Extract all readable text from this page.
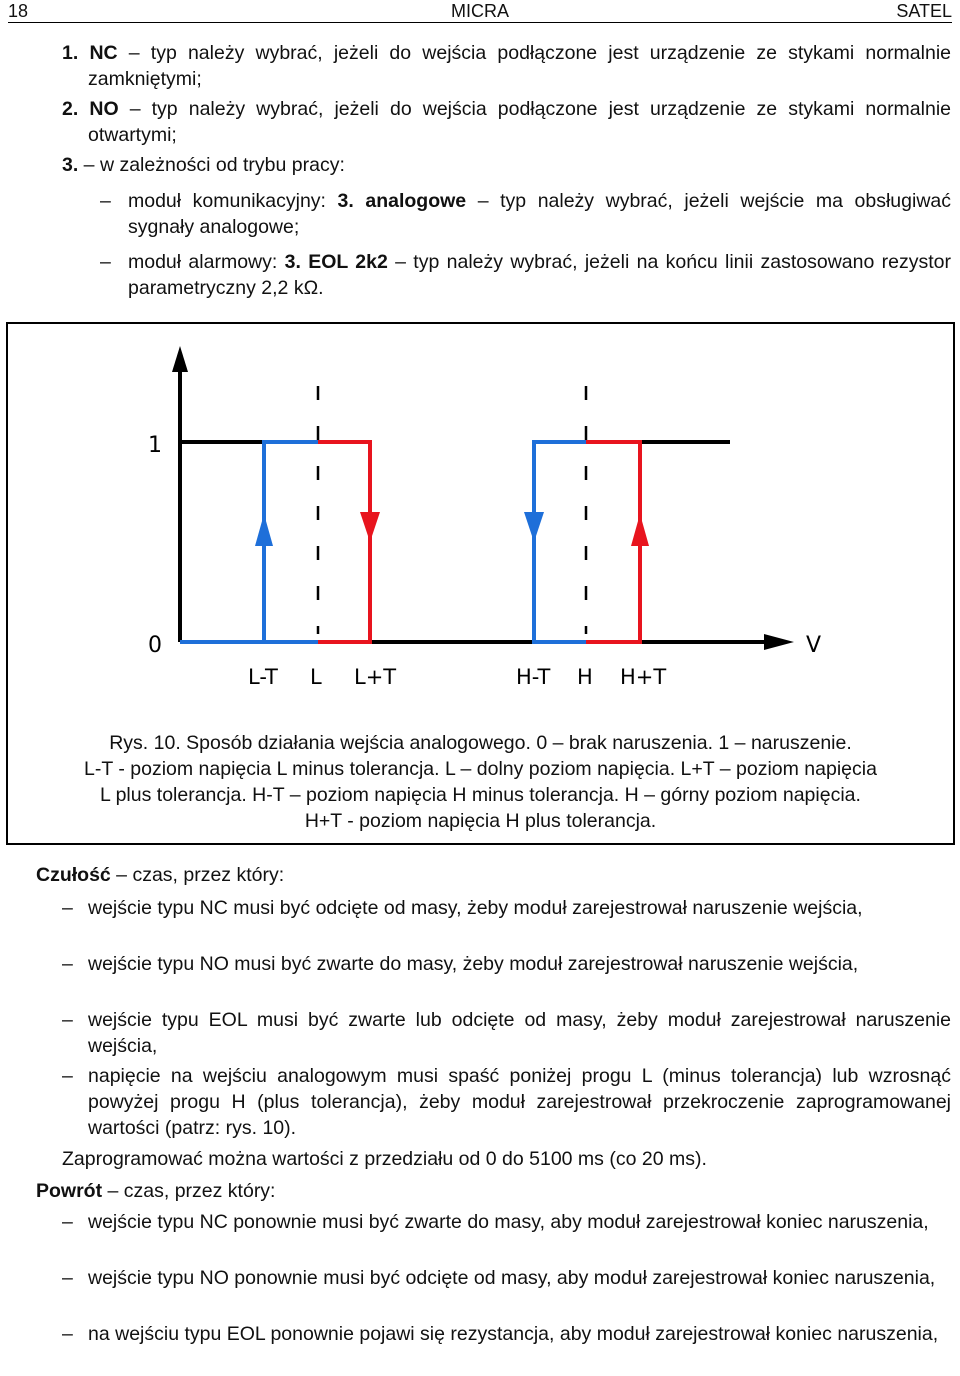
18	MICRA	SATEL

1. NC – typ należy wybrać, jeżeli do wejścia podłączone jest urządzenie ze stykami normalnie zamkniętymi;

2. NO – typ należy wybrać, jeżeli do wejścia podłączone jest urządzenie ze stykami normalnie otwartymi;

3. – w zależności od trybu pracy:

– moduł komunikacyjny: 3. analogowe – typ należy wybrać, jeżeli wejście ma obsługiwać sygnały analogowe;

– moduł alarmowy: 3. EOL 2k2 – typ należy wybrać, jeżeli na końcu linii zastosowano rezystor parametryczny 2,2 kΩ.

V
1
0
L-T L L+T	H-T H H+T
Rys. 10. Sposób działania wejścia analogowego. 0 – brak naruszenia. 1 – naruszenie.
L-T - poziom napięcia L minus tolerancja. L – dolny poziom napięcia. L+T – poziom napięcia
L plus tolerancja. H-T – poziom napięcia H minus tolerancja. H – górny poziom napięcia.
H+T - poziom napięcia H plus tolerancja.
Czułość – czas, przez który:
– wejście typu NC musi być odcięte od masy, żeby moduł zarejestrował naruszenie wejścia,

– wejście typu NO musi być zwarte do masy, żeby moduł zarejestrował naruszenie wejścia,

– wejście typu EOL musi być zwarte lub odcięte od masy, żeby moduł zarejestrował naruszenie wejścia,

– napięcie na wejściu analogowym musi spaść poniżej progu L (minus tolerancja) lub wzrosnąć powyżej progu H (plus tolerancja), żeby moduł zarejestrował przekroczenie zaprogramowanej wartości (patrz: rys. 10).

Zaprogramować można wartości z przedziału od 0 do 5100 ms (co 20 ms).
Powrót – czas, przez który:
– wejście typu NC ponownie musi być zwarte do masy, aby moduł zarejestrował koniec naruszenia,

– wejście typu NO ponownie musi być odcięte od masy, aby moduł zarejestrował koniec naruszenia,

– na wejściu typu EOL ponownie pojawi się rezystancja, aby moduł zarejestrował koniec naruszenia,
